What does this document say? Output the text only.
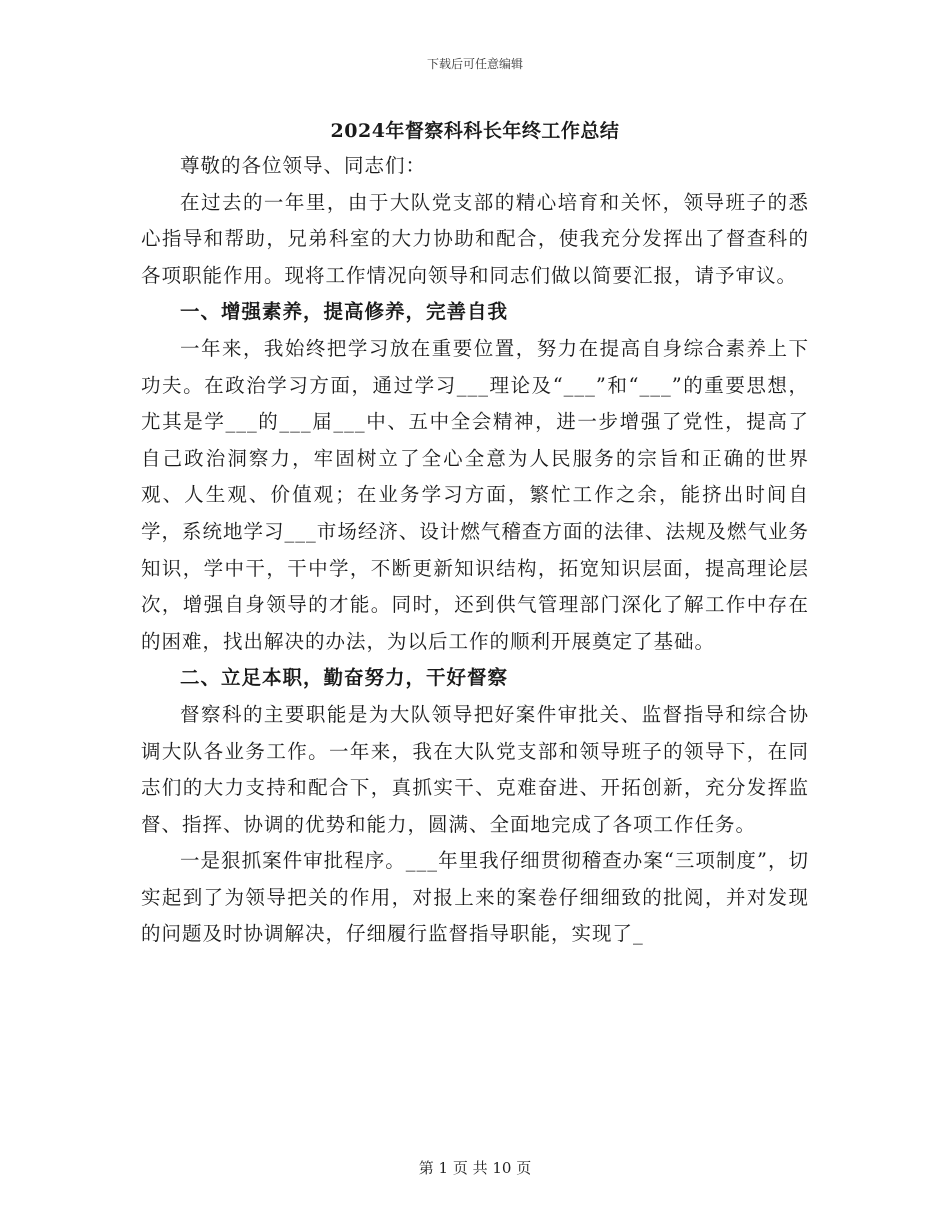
下载后可任意编辑
2024年督察科科长年终工作总结

尊敬的各位领导、同志们：

在过去的一年里，由于大队党支部的精心培育和关怀，领导班子的悉心指导和帮助，兄弟科室的大力协助和配合，使我充分发挥出了督查科的各项职能作用。现将工作情况向领导和同志们做以简要汇报，请予审议。

一、增强素养，提高修养，完善自我

一年来，我始终把学习放在重要位置，努力在提高自身综合素养上下功夫。在政治学习方面，通过学习___理论及“___”和“___”的重要思想，尤其是学___的___届___中、五中全会精神，进一步增强了党性，提高了自己政治洞察力，牢固树立了全心全意为人民服务的宗旨和正确的世界观、人生观、价值观；在业务学习方面，繁忙工作之余，能挤出时间自学，系统地学习___市场经济、设计燃气稽查方面的法律、法规及燃气业务知识，学中干，干中学，不断更新知识结构，拓宽知识层面，提高理论层次，增强自身领导的才能。同时，还到供气管理部门深化了解工作中存在的困难，找出解决的办法，为以后工作的顺利开展奠定了基础。

二、立足本职，勤奋努力，干好督察

督察科的主要职能是为大队领导把好案件审批关、监督指导和综合协调大队各业务工作。一年来，我在大队党支部和领导班子的领导下，在同志们的大力支持和配合下，真抓实干、克难奋进、开拓创新，充分发挥监督、指挥、协调的优势和能力，圆满、全面地完成了各项工作任务。

一是狠抓案件审批程序。___年里我仔细贯彻稽查办案“三项制度”，切实起到了为领导把关的作用，对报上来的案卷仔细细致的批阅，并对发现的问题及时协调解决，仔细履行监督指导职能，实现了_

第 1 页 共 10 页
